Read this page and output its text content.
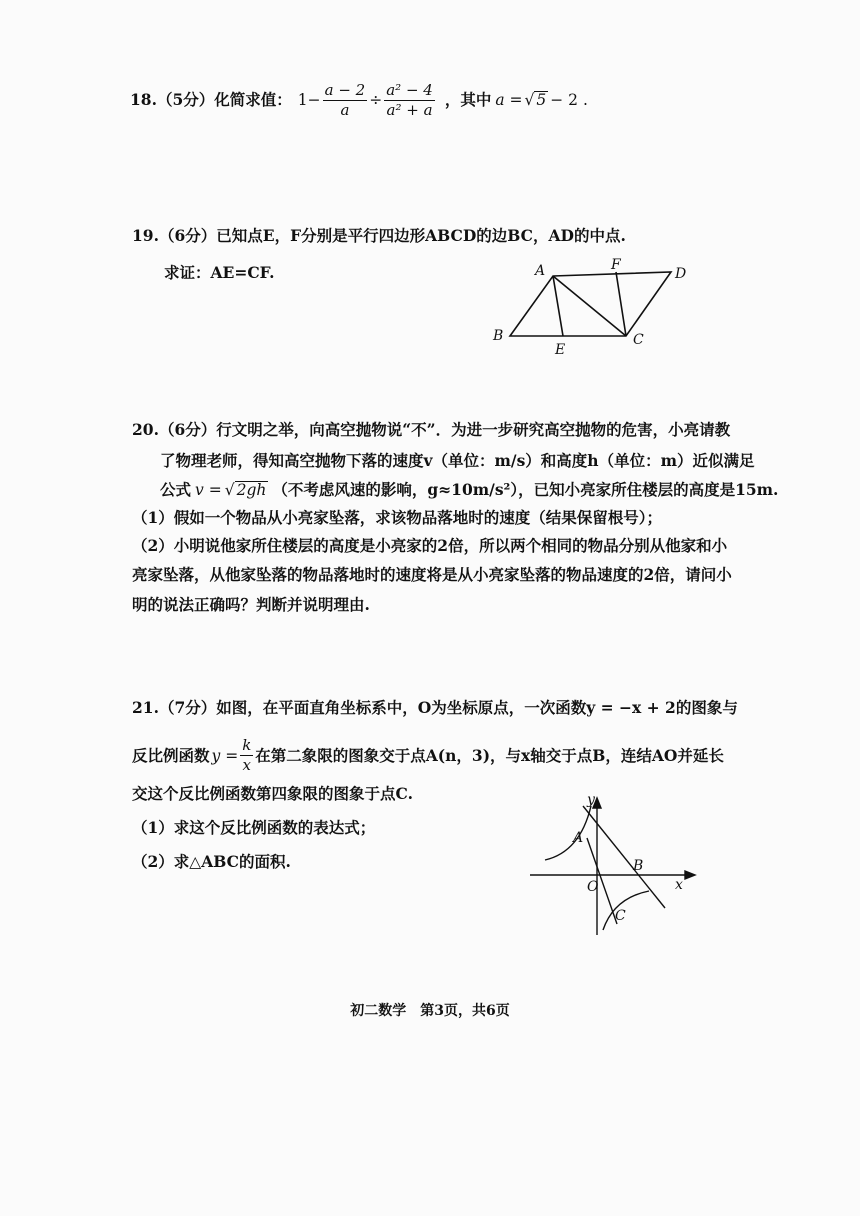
18.（5分）化简求值： $1- \frac{a - 2}{a} \div \frac{\text{a² − 4}}{\text{a² + a}}$ ，其中 a = √ 5 − 2 .
19.（6分）已知点E，F分别是平行四边形ABCD的边BC，AD的中点.
求证：AE=CF.	A	F
D
B
E
C
20.（6分）行文明之举，向高空抛物说“不”．为进一步研究高空抛物的危害，小亮请教
了物理老师，得知高空抛物下落的速度v（单位：m/s）和高度h（单位：m）近似满足
公式 v = √ 2gh （不考虑风速的影响，g≈10m/s²），已知小亮家所住楼层的高度是15m.
（1）假如一个物品从小亮家坠落，求该物品落地时的速度（结果保留根号）；
（2）小明说他家所住楼层的高度是小亮家的2倍，所以两个相同的物品分别从他家和小
亮家坠落，从他家坠落的物品落地时的速度将是从小亮家坠落的物品速度的2倍，请问小
明的说法正确吗？判断并说明理由.
21.（7分）如图，在平面直角坐标系中，O为坐标原点，一次函数y = −x + 2的图象与
反比例函数 $y = \frac{k}{x}$ 在第二象限的图象交于点A(n，3)，与x轴交于点B，连结AO并延长
交这个反比例函数第四象限的图象于点C.
（1）求这个反比例函数的表达式；
（2）求△ABC的面积.
y
x
O
A
B
C
初二数学　第3页，共6页
